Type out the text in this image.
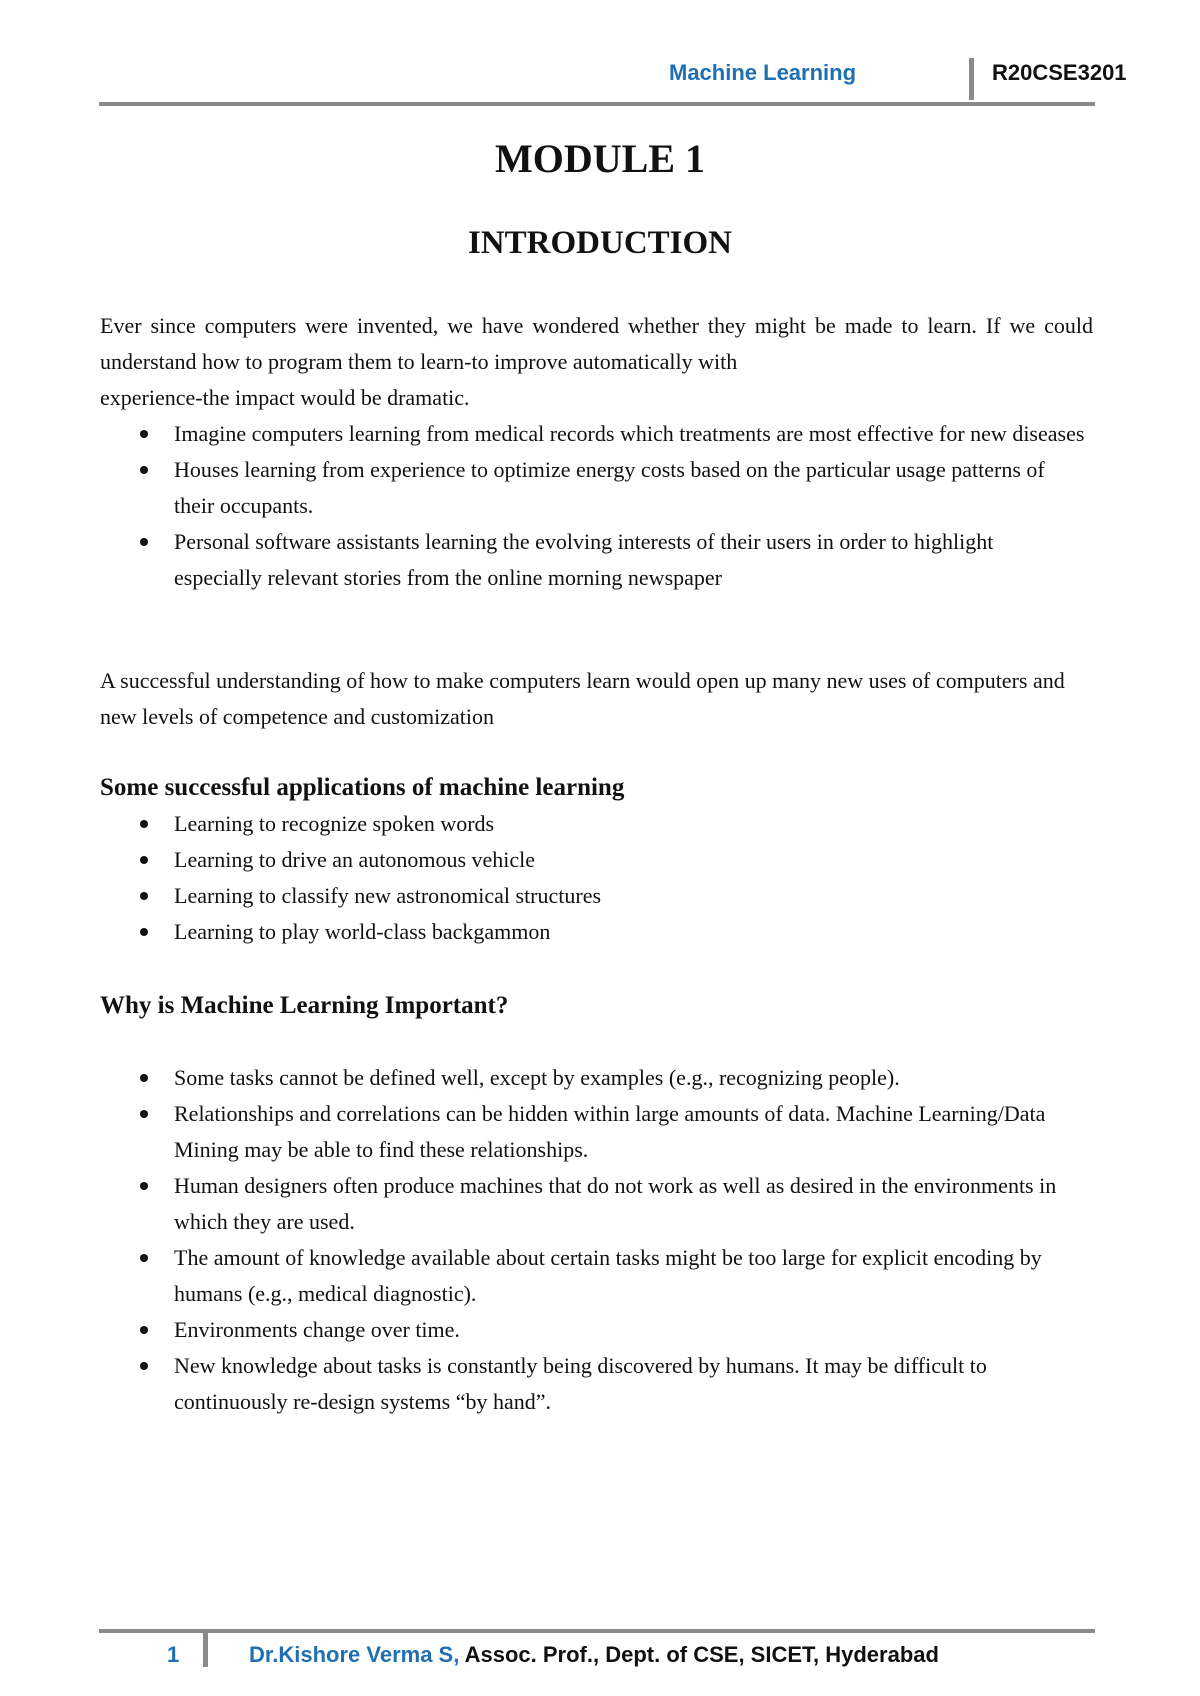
Machine Learning	R20CSE3201
MODULE 1
INTRODUCTION

Ever since computers were invented, we have wondered whether they might be made to learn. If we could understand how to program them to learn-to improve automatically with
experience-the impact would be dramatic.

Imagine computers learning from medical records which treatments are most effective for new diseases
Houses learning from experience to optimize energy costs based on the particular usage patterns of their occupants.
Personal software assistants learning the evolving interests of their users in order to highlight especially relevant stories from the online morning newspaper

A successful understanding of how to make computers learn would open up many new uses of computers and new levels of competence and customization

Some successful applications of machine learning

Learning to recognize spoken words
Learning to drive an autonomous vehicle
Learning to classify new astronomical structures
Learning to play world-class backgammon

Why is Machine Learning Important?

Some tasks cannot be defined well, except by examples (e.g., recognizing people).
Relationships and correlations can be hidden within large amounts of data. Machine Learning/Data Mining may be able to find these relationships.
Human designers often produce machines that do not work as well as desired in the environments in which they are used.
The amount of knowledge available about certain tasks might be too large for explicit encoding by humans (e.g., medical diagnostic).
Environments change over time.
New knowledge about tasks is constantly being discovered by humans. It may be difficult to continuously re-design systems “by hand”.
1	Dr.Kishore Verma S, Assoc. Prof., Dept. of CSE, SICET, Hyderabad
